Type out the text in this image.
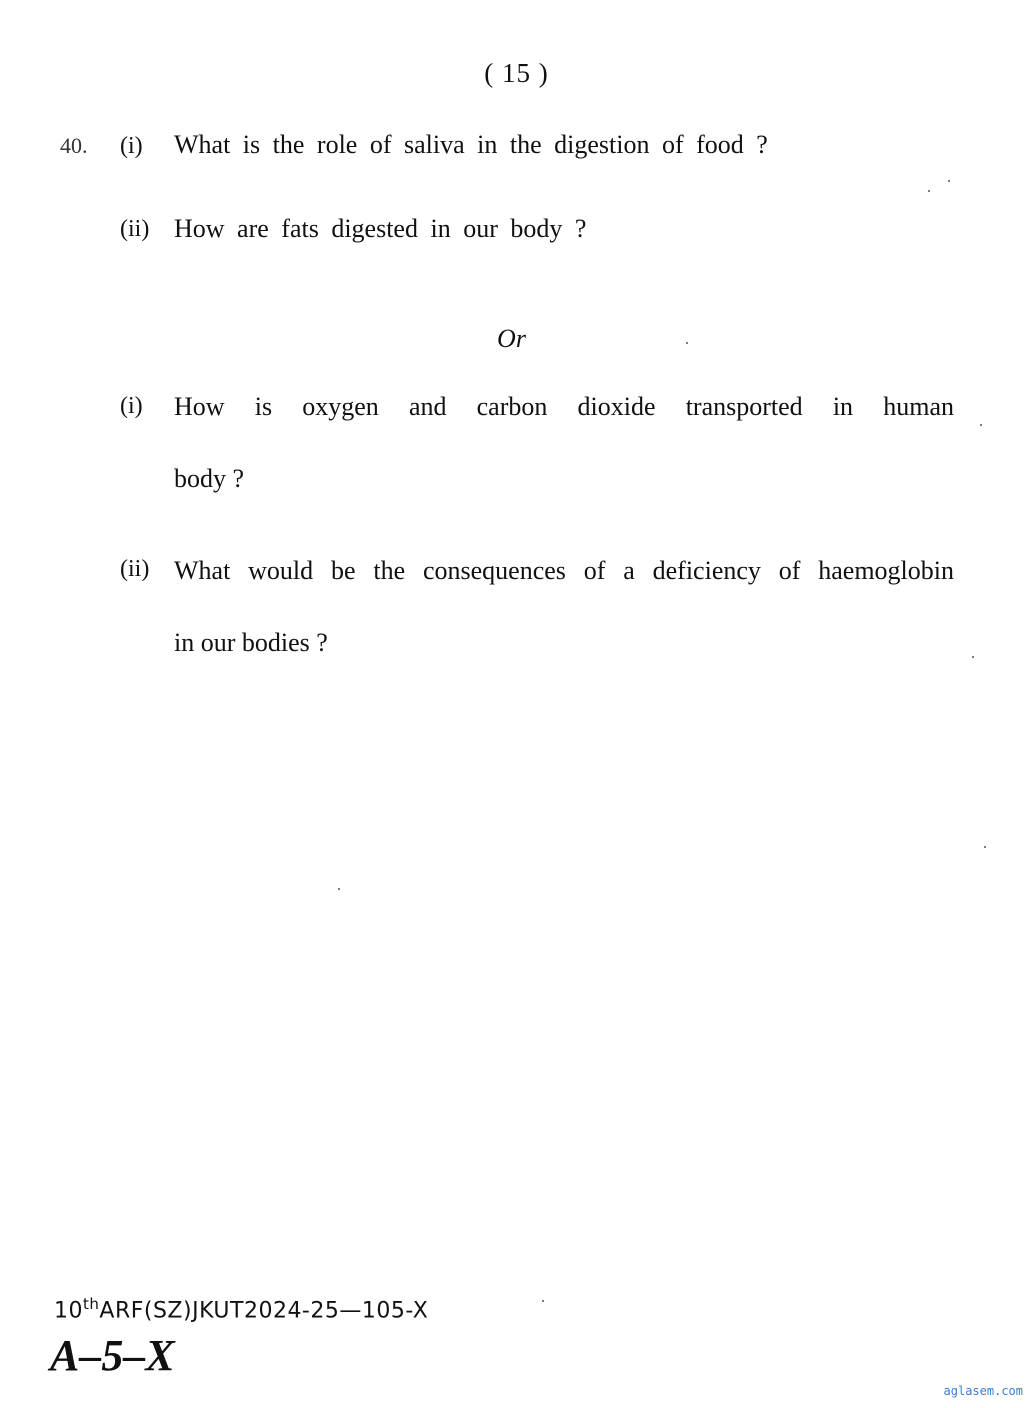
( 15 )
40. (i) What is the role of saliva in the digestion of food ?
(ii) How are fats digested in our body ?
Or
(i) How is oxygen and carbon dioxide transported in human
body ?
(ii) What would be the consequences of a deficiency of haemoglobin
in our bodies ?
10thARF(SZ)JKUT2024-25—105-X
A–5–X
aglasem.com
